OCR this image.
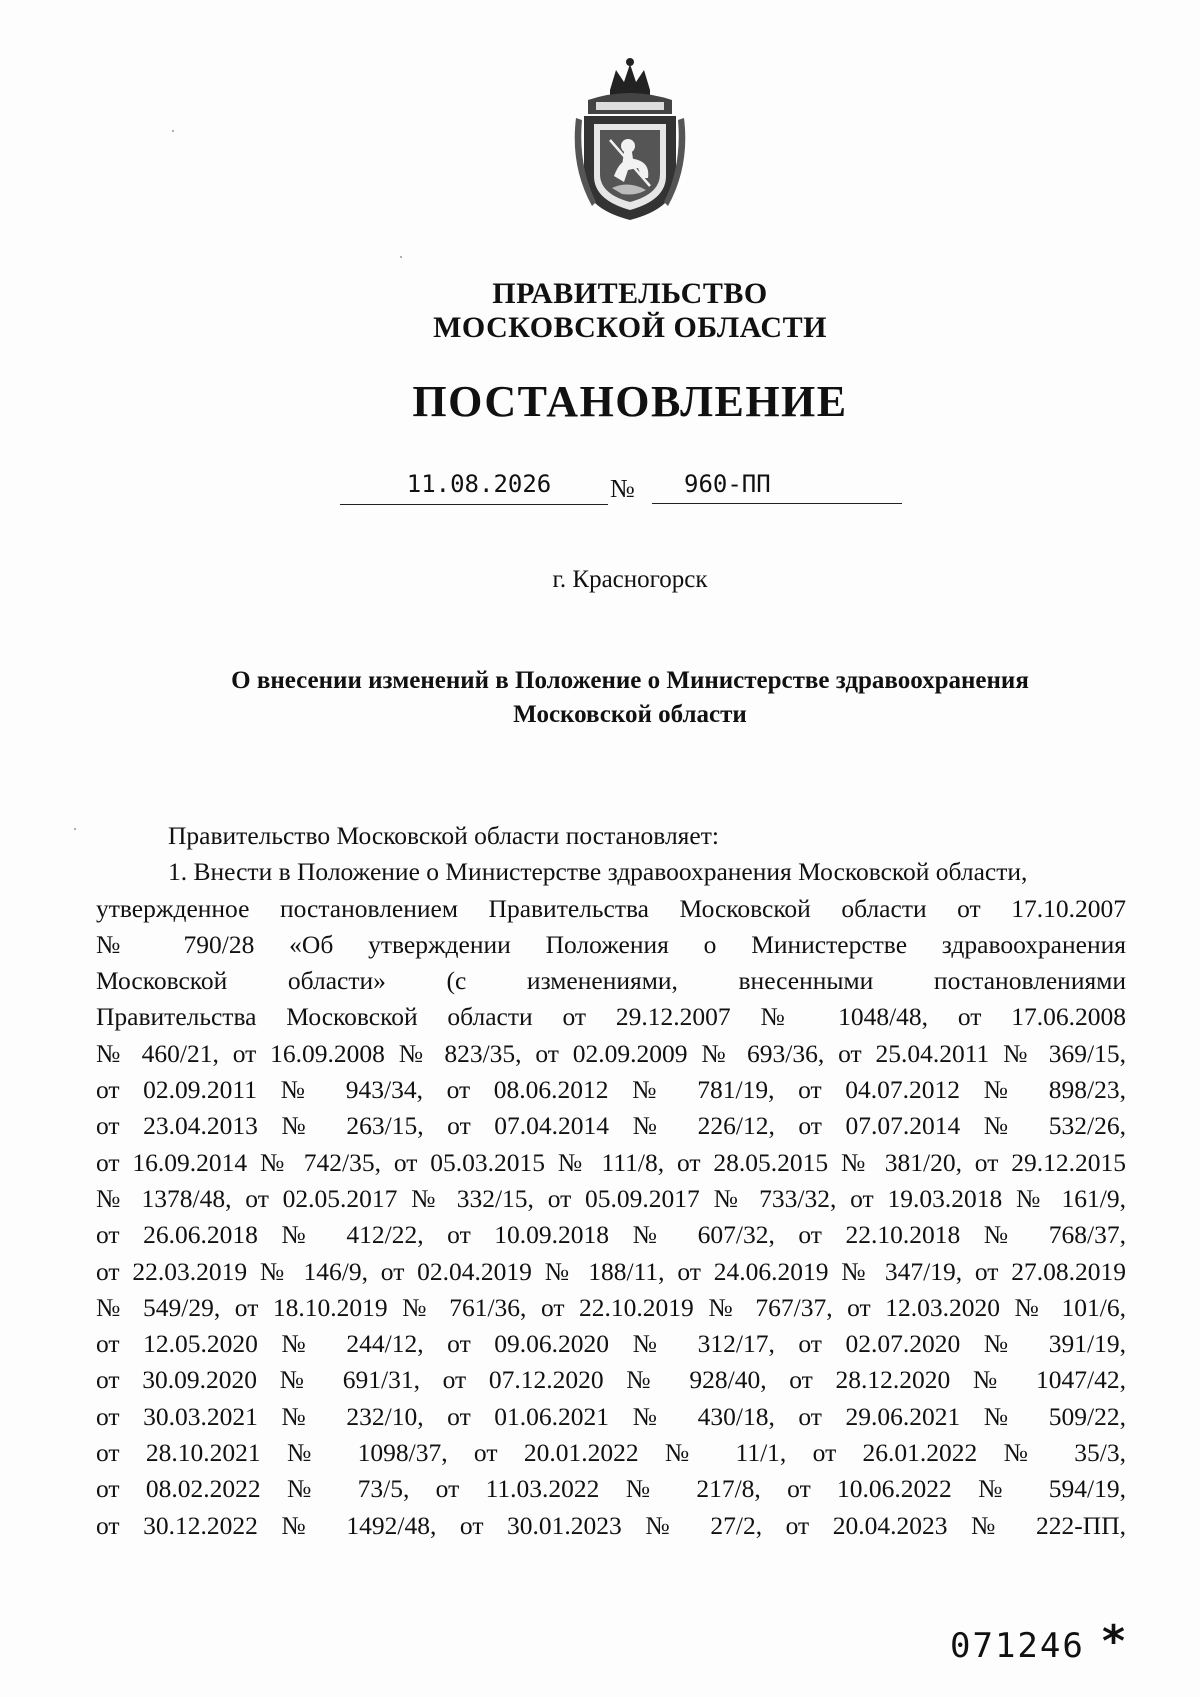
ПРАВИТЕЛЬСТВО
МОСКОВСКОЙ ОБЛАСТИ
ПОСТАНОВЛЕНИЕ
11.08.2026	№	960-ПП
г. Красногорск
О внесении изменений в Положение о Министерстве здравоохранения
Московской области
Правительство Московской области постановляет:
1. Внести в Положение о Министерстве здравоохранения Московской области,
утвержденное постановлением Правительства Московской области от 17.10.2007
№ 790/28 «Об утверждении Положения о Министерстве здравоохранения
Московской области» (с изменениями, внесенными постановлениями
Правительства Московской области от 29.12.2007 № 1048/48, от 17.06.2008
№ 460/21, от 16.09.2008 № 823/35, от 02.09.2009 № 693/36, от 25.04.2011 № 369/15,
от 02.09.2011 № 943/34, от 08.06.2012 № 781/19, от 04.07.2012 № 898/23,
от 23.04.2013 № 263/15, от 07.04.2014 № 226/12, от 07.07.2014 № 532/26,
от 16.09.2014 № 742/35, от 05.03.2015 № 111/8, от 28.05.2015 № 381/20, от 29.12.2015
№ 1378/48, от 02.05.2017 № 332/15, от 05.09.2017 № 733/32, от 19.03.2018 № 161/9,
от 26.06.2018 № 412/22, от 10.09.2018 № 607/32, от 22.10.2018 № 768/37,
от 22.03.2019 № 146/9, от 02.04.2019 № 188/11, от 24.06.2019 № 347/19, от 27.08.2019
№ 549/29, от 18.10.2019 № 761/36, от 22.10.2019 № 767/37, от 12.03.2020 № 101/6,
от 12.05.2020 № 244/12, от 09.06.2020 № 312/17, от 02.07.2020 № 391/19,
от 30.09.2020 № 691/31, от 07.12.2020 № 928/40, от 28.12.2020 № 1047/42,
от 30.03.2021 № 232/10, от 01.06.2021 № 430/18, от 29.06.2021 № 509/22,
от 28.10.2021 № 1098/37, от 20.01.2022 № 11/1, от 26.01.2022 № 35/3,
от 08.02.2022 № 73/5, от 11.03.2022 № 217/8, от 10.06.2022 № 594/19,
от 30.12.2022 № 1492/48, от 30.01.2023 № 27/2, от 20.04.2023 № 222-ПП,
071246 *
